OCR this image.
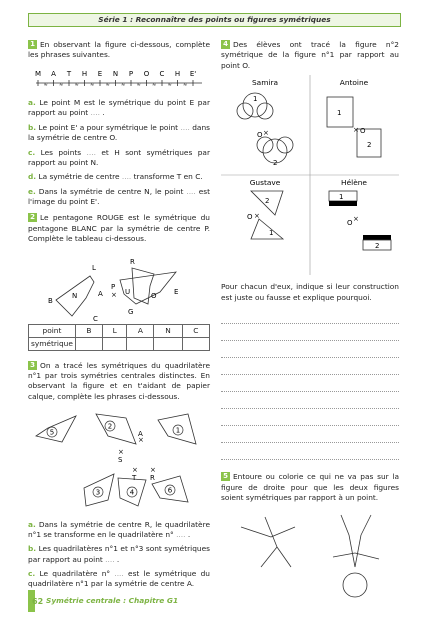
Série 1 : Reconnaître des points ou figures symétriques

1 En observant la figure ci-dessous, complète les phrases suivantes.

M
≈
A
≈
T
≈
H
≈
E
≈
N
≈
P
≈
O
≈
C
≈
H
≈
E'

a. Le point M est le symétrique du point E par rapport au point .... .

b. Le point E' a pour symétrique le point .... dans la symétrie de centre O.

c. Les points .... et H sont symétriques par rapport au point N.

d. La symétrie de centre .... transforme T en C.

e. Dans la symétrie de centre N, le point .... est l'image du point E'.

2 Le pentagone ROUGE est le symétrique du pentagone BLANC par la symétrie de centre P. Complète le tableau ci-dessous.

L
R
B
N	A
P
× U	O E
C
G
point	B	L	A	N	C
symétrique					

3 On a tracé les symétriques du quadrilatère n°1 par trois symétries centrales distinctes. En observant la figure et en t'aidant de papier calque, complète les phrases ci-dessous.

1
2
3	4
5
6
A
×
×
S
×
T
×
R

a. Dans la symétrie de centre R, le quadrilatère n°1 se transforme en le quadrilatère n° .... .

b. Les quadrilatères n°1 et n°3 sont symétriques par rapport au point .... .

c. Le quadrilatère n° .... est le symétrique du quadrilatère n°1 par la symétrie de centre A.

4 Des élèves ont tracé la figure n°2 symétrique de la figure n°1 par rapport au point O.

Samira	Antoine
Gustave	Hélène
1
2
O ×
1
2
O
×
2
1
O ×
1
2
O ×

Pour chacun d'eux, indique si leur construction est juste ou fausse et explique pourquoi.

5 Entoure ou colorie ce qui ne va pas sur la figure de droite pour que les deux figures soient symétriques par rapport à un point.

62 Symétrie centrale : Chapitre G1
